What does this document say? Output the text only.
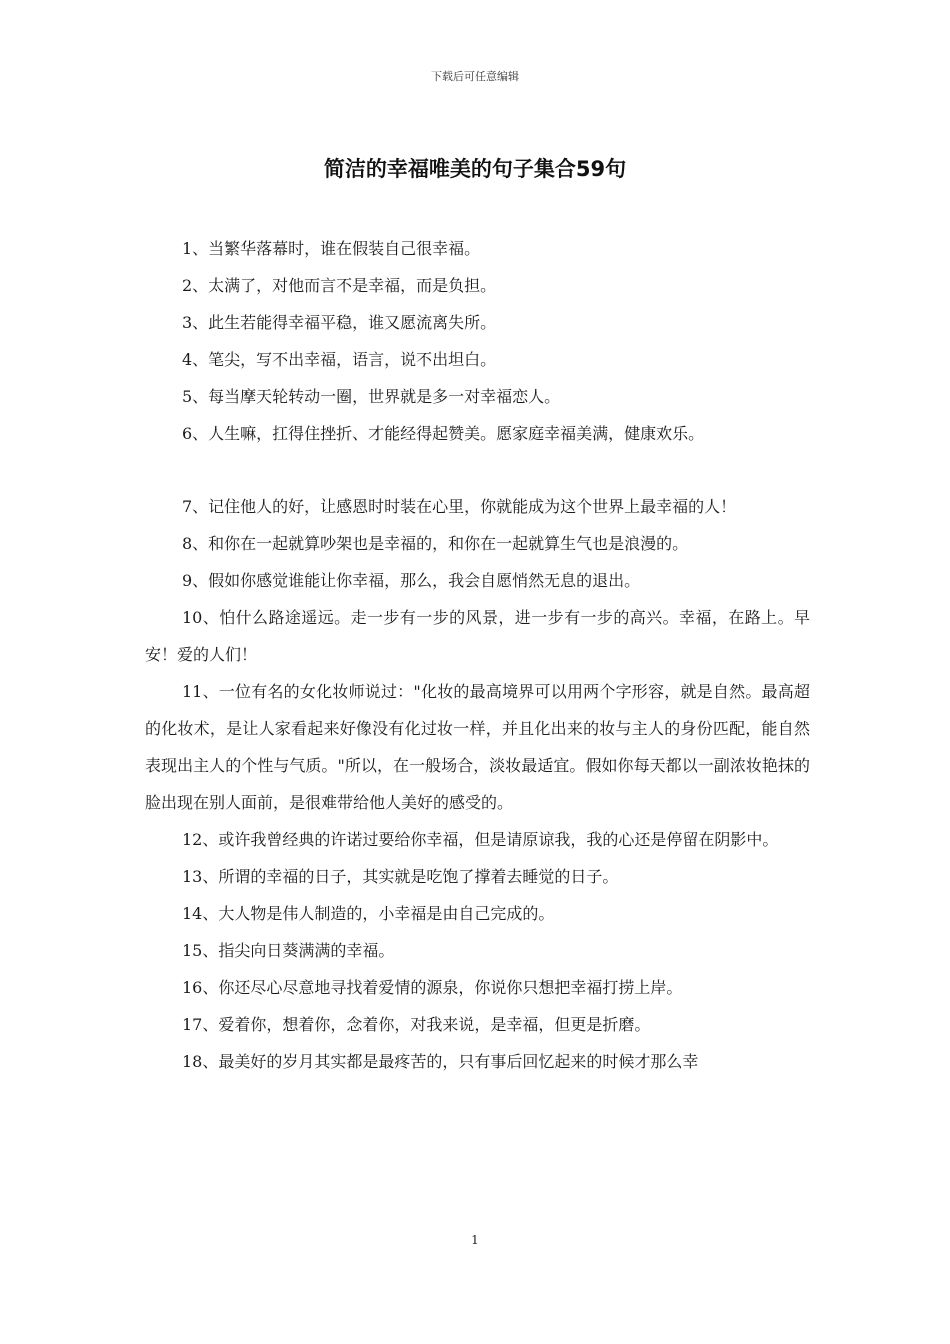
下载后可任意编辑
简洁的幸福唯美的句子集合59句

1、当繁华落幕时，谁在假装自己很幸福。

2、太满了，对他而言不是幸福，而是负担。

3、此生若能得幸福平稳，谁又愿流离失所。

4、笔尖，写不出幸福，语言，说不出坦白。

5、每当摩天轮转动一圈，世界就是多一对幸福恋人。

6、人生嘛，扛得住挫折、才能经得起赞美。愿家庭幸福美满，健康欢乐。

7、记住他人的好，让感恩时时装在心里，你就能成为这个世界上最幸福的人！

8、和你在一起就算吵架也是幸福的，和你在一起就算生气也是浪漫的。

9、假如你感觉谁能让你幸福，那么，我会自愿悄然无息的退出。

10、怕什么路途遥远。走一步有一步的风景，进一步有一步的高兴。幸福，在路上。早安！爱的人们！

11、一位有名的女化妆师说过："化妆的最高境界可以用两个字形容，就是自然。最高超的化妆术，是让人家看起来好像没有化过妆一样，并且化出来的妆与主人的身份匹配，能自然表现出主人的个性与气质。"所以，在一般场合，淡妆最适宜。假如你每天都以一副浓妆艳抹的脸出现在别人面前，是很难带给他人美好的感受的。

12、或许我曾经典的许诺过要给你幸福，但是请原谅我，我的心还是停留在阴影中。

13、所谓的幸福的日子，其实就是吃饱了撑着去睡觉的日子。

14、大人物是伟人制造的，小幸福是由自己完成的。

15、指尖向日葵满满的幸福。

16、你还尽心尽意地寻找着爱情的源泉，你说你只想把幸福打捞上岸。

17、爱着你，想着你，念着你，对我来说，是幸福，但更是折磨。

18、最美好的岁月其实都是最疼苦的，只有事后回忆起来的时候才那么幸

1
